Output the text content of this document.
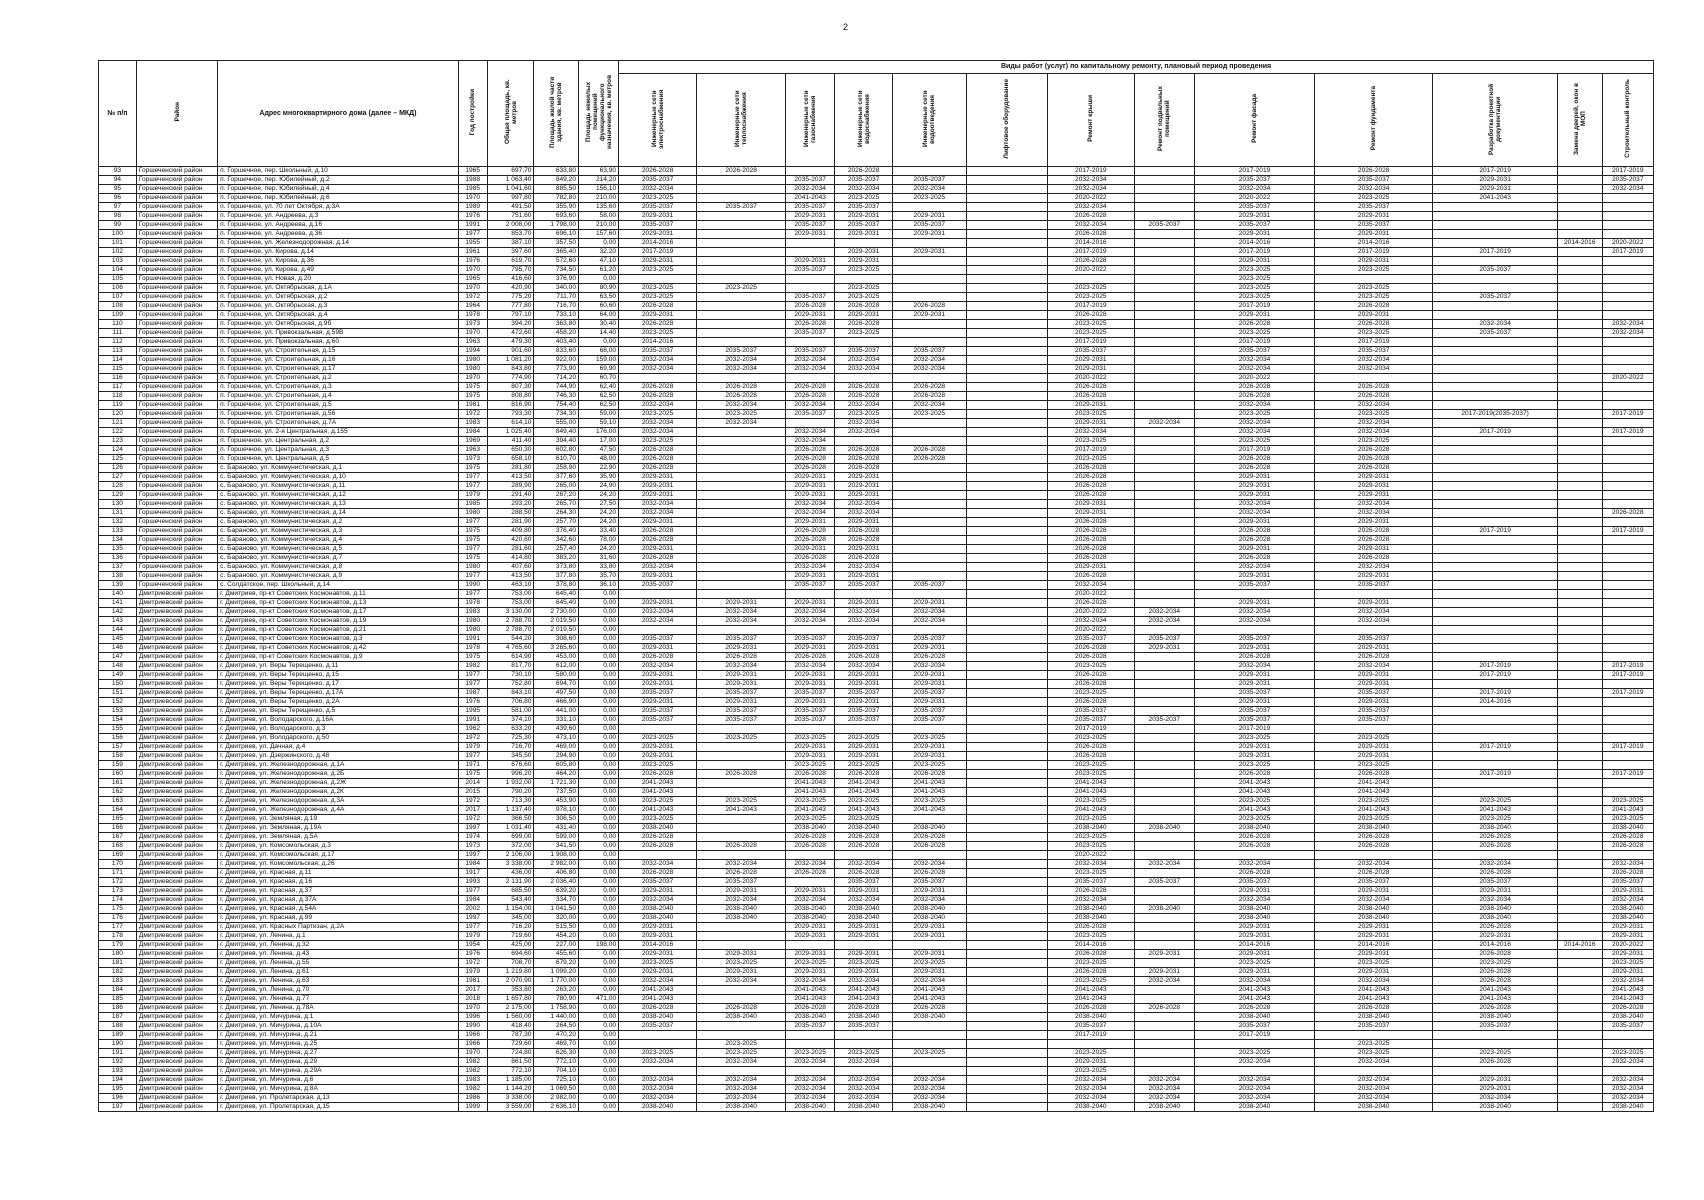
2
№ п/п	Район	Адрес многоквартирного дома (далее – МКД)	Год постройки	Общая площадь, кв. метров	Площадь жилой части здания, кв. метров	Площадь нежилых помещений функционального назначения, кв. метров	Виды работ (услуг) по капитальному ремонту, плановый период проведения												
							Инженерные сети электроснабжения	Инженерные сети теплоснабжения	Инженерные сети газоснабжения	Инженерные сети водоснабжения	Инженерные сети водоотведения	Лифтовое оборудование	Ремонт крыши	Ремонт подвальных помещений	Ремонт фасада	Ремонт фундамента	Разработка проектной документации	Замена дверей, окон в МОП	Строительный контроль
93	Горшеченский район	п. Горшечное, пер. Школьный, д.10	1965	697,70	633,80	63,90	2026-2028	2026-2028		2026-2028			2017-2019		2017-2019	2026-2028	2017-2019		2017-2019
94	Горшеченский район	п. Горшечное, пер. Юбилейный, д.2	1988	1 063,40	849,20	214,20	2035-2037		2035-2037	2035-2037	2035-2037		2032-2034		2035-2037	2035-2037	2029-2031		2035-2037
95	Горшеченский район	п. Горшечное, пер. Юбилейный, д.4	1985	1 041,60	885,50	156,10	2032-2034		2032-2034	2032-2034	2032-2034		2032-2034		2032-2034	2032-2034	2029-2031		2032-2034
96	Горшеченский район	п. Горшечное, пер. Юбилейный, д.6	1970	997,80	782,80	210,00	2023-2025		2041-2043	2023-2025	2023-2025		2020-2022		2020-2022	2023-2025	2041-2043		
97	Горшеченский район	п. Горшечное, ул. 70 лет Октября, д.3А	1989	491,50	355,90	135,60	2035-2037	2035-2037	2035-2037	2035-2037			2032-2034		2035-2037	2035-2037			
98	Горшеченский район	п. Горшечное, ул. Андреева, д.3	1976	751,60	693,60	58,00	2029-2031		2029-2031	2029-2031	2029-2031		2026-2028		2029-2031	2029-2031			
99	Горшеченский район	п. Горшечное, ул. Андреева, д.16	1991	2 008,00	1 798,00	210,00	2035-2037		2035-2037	2035-2037	2035-2037		2032-2034	2035-2037	2035-2037	2035-2037			
100	Горшеченский район	п. Горшечное, ул. Андреева, д.36	1977	853,70	696,10	157,60	2029-2031		2029-2031	2029-2031	2029-2031		2026-2028		2029-2031	2029-2031			
101	Горшеченский район	п. Горшечное, ул. Железнодорожная, д.14	1955	387,10	357,50	0,00	2014-2016						2014-2016		2014-2016	2014-2016		2014-2016	2020-2022
102	Горшеченский район	п. Горшечное, ул. Кирова, д.14	1961	397,60	365,40	32,20	2017-2019			2029-2031	2029-2031		2017-2019		2017-2019	2017-2019	2017-2019		2017-2019
103	Горшеченский район	п. Горшечное, ул. Кирова, д.36	1976	619,70	572,60	47,10	2029-2031		2029-2031	2029-2031			2026-2028		2029-2031	2029-2031			
104	Горшеченский район	п. Горшечное, ул. Кирова, д.49	1970	795,70	734,50	61,20	2023-2025		2035-2037	2023-2025			2020-2022		2023-2025	2023-2025	2035-2037		
105	Горшеченский район	п. Горшечное, ул. Новая, д.20	1965	416,60	376,90	0,00									2023-2025				
106	Горшеченский район	п. Горшечное, ул. Октябрьская, д.1А	1970	420,90	340,00	80,90	2023-2025	2023-2025		2023-2025			2023-2025		2023-2025	2023-2025			
107	Горшеченский район	п. Горшечное, ул. Октябрьская, д.2	1972	775,20	711,70	63,50	2023-2025		2035-2037	2023-2025			2023-2025		2023-2025	2023-2025	2035-2037		
108	Горшеченский район	п. Горшечное, ул. Октябрьская, д.3	1964	777,80	716,70	60,60	2026-2028		2026-2028	2026-2028	2026-2028		2017-2019		2017-2019	2026-2028			
109	Горшеченский район	п. Горшечное, ул. Октябрьская, д.4	1978	797,10	733,10	64,00	2029-2031		2029-2031	2029-2031	2029-2031		2026-2028		2029-2031	2029-2031			
110	Горшеченский район	п. Горшечное, ул. Октябрьская, д.9б	1973	394,20	363,80	30,40	2026-2028		2026-2028	2026-2028			2023-2025		2026-2028	2026-2028	2032-2034		2032-2034
111	Горшеченский район	п. Горшечное, ул. Привокзальная, д.59В	1970	472,60	458,20	14,40	2023-2025		2035-2037	2023-2025			2023-2025		2023-2025	2023-2025	2035-2037		2032-2034
112	Горшеченский район	п. Горшечное, ул. Привокзальная, д.60	1963	479,30	403,40	0,00	2014-2016						2017-2019		2017-2019	2017-2019			
113	Горшеченский район	п. Горшечное, ул. Строительная, д.15	1994	901,60	833,60	68,00	2035-2037	2035-2037	2035-2037	2035-2037	2035-2037		2035-2037		2035-2037	2035-2037			
114	Горшеченский район	п. Горшечное, ул. Строительная, д.16	1980	1 081,20	922,00	159,00	2032-2034	2032-2034	2032-2034	2032-2034	2032-2034		2029-2031		2032-2034	2032-2034			
115	Горшеченский район	п. Горшечное, ул. Строительная, д.17	1980	843,80	773,90	69,90	2032-2034	2032-2034	2032-2034	2032-2034	2032-2034		2029-2031		2032-2034	2032-2034			
116	Горшеченский район	п. Горшечное, ул. Строительная, д.2	1970	774,90	714,20	60,70							2020-2022		2020-2022				2020-2022
117	Горшеченский район	п. Горшечное, ул. Строительная, д.3	1975	807,30	744,90	62,40	2026-2028	2026-2028	2026-2028	2026-2028	2026-2028		2026-2028		2026-2028	2026-2028			
118	Горшеченский район	п. Горшечное, ул. Строительная, д.4	1975	808,80	746,30	62,50	2026-2028	2026-2028	2026-2028	2026-2028	2026-2028		2026-2028		2026-2028	2026-2028			
119	Горшеченский район	п. Горшечное, ул. Строительная, д.5	1981	816,90	754,40	62,50	2032-2034	2032-2034	2032-2034	2032-2034	2032-2034		2029-2031		2032-2034	2032-2034			
120	Горшеченский район	п. Горшечное, ул. Строительная, д.56	1972	793,30	734,30	59,00	2023-2025	2023-2025	2035-2037	2023-2025	2023-2025		2023-2025		2023-2025	2023-2025	2017-2019(2035-2037)		2017-2019
121	Горшеченский район	п. Горшечное, ул. Строительная, д.7А	1983	614,10	555,00	59,10	2032-2034	2032-2034		2032-2034			2029-2031	2032-2034	2032-2034	2032-2034			
122	Горшеченский район	п. Горшечное, ул. 2-я Центральная, д.155	1984	1 025,40	849,40	176,00	2032-2034		2032-2034	2032-2034			2032-2034		2032-2034	2032-2034	2017-2019		2017-2019
123	Горшеченский район	п. Горшечное, ул. Центральная, д.2	1969	411,40	394,40	17,00	2023-2025		2032-2034				2023-2025		2023-2025	2023-2025			
124	Горшеченский район	п. Горшечное, ул. Центральная, д.3	1963	650,30	602,80	47,50	2026-2028		2026-2028	2026-2028	2026-2028		2017-2019		2017-2019	2026-2028			
125	Горшеченский район	п. Горшечное, ул. Центральная, д.5	1973	658,10	610,70	48,00	2026-2028		2026-2028	2026-2028	2026-2028		2023-2025		2026-2028	2026-2028			
126	Горшеченский район	с. Бараново, ул. Коммунистическая, д.1	1975	281,80	258,90	22,90	2026-2028		2026-2028	2026-2028			2026-2028		2026-2028	2026-2028			
127	Горшеченский район	с. Бараново, ул. Коммунистическая, д.10	1977	413,50	377,60	35,90	2029-2031		2029-2031	2029-2031			2026-2028		2029-2031	2029-2031			
128	Горшеченский район	с. Бараново, ул. Коммунистическая, д.11	1977	289,90	265,00	24,90	2029-2031		2029-2031	2029-2031			2026-2028		2029-2031	2029-2031			
129	Горшеченский район	с. Бараново, ул. Коммунистическая, д.12	1979	291,40	267,20	24,20	2029-2031		2029-2031	2029-2031			2026-2028		2029-2031	2029-2031			
130	Горшеченский район	с. Бараново, ул. Коммунистическая, д.13	1985	293,20	265,70	27,50	2032-2034		2032-2034	2032-2034			2029-2031		2032-2034	2032-2034			
131	Горшеченский район	с. Бараново, ул. Коммунистическая, д.14	1980	288,50	264,30	24,20	2032-2034		2032-2034	2032-2034			2029-2031		2032-2034	2032-2034			2026-2028
132	Горшеченский район	с. Бараново, ул. Коммунистическая, д.2	1977	281,90	257,70	24,20	2029-2031		2029-2031	2029-2031			2026-2028		2029-2031	2029-2031			
133	Горшеченский район	с. Бараново, ул. Коммунистическая, д.3	1975	409,80	376,40	33,40	2026-2028		2026-2028	2026-2028			2026-2028		2026-2028	2026-2028	2017-2019		2017-2019
134	Горшеченский район	с. Бараново, ул. Коммунистическая, д.4	1975	420,60	342,60	78,00	2026-2028		2026-2028	2026-2028			2026-2028		2026-2028	2026-2028			
135	Горшеченский район	с. Бараново, ул. Коммунистическая, д.5	1977	281,60	257,40	24,20	2029-2031		2029-2031	2029-2031			2026-2028		2029-2031	2029-2031			
136	Горшеченский район	с. Бараново, ул. Коммунистическая, д.7	1975	414,80	383,20	31,60	2026-2028		2026-2028	2026-2028			2026-2028		2026-2028	2026-2028			
137	Горшеченский район	с. Бараново, ул. Коммунистическая, д.8	1980	407,60	373,80	33,80	2032-2034		2032-2034	2032-2034			2029-2031		2032-2034	2032-2034			
138	Горшеченский район	с. Бараново, ул. Коммунистическая, д.9	1977	413,50	377,80	35,70	2029-2031		2029-2031	2029-2031			2026-2028		2029-2031	2029-2031			
139	Горшеченский район	с. Солдатское, пер. Школьный, д.14	1990	463,10	378,80	36,10	2035-2037		2035-2037	2035-2037	2035-2037		2032-2034		2035-2037	2035-2037			
140	Дмитриевский район	г. Дмитриев, пр-кт Советских Космонавтов, д.11	1977	753,00	645,40	0,00							2020-2022						
141	Дмитриевский район	г. Дмитриев, пр-кт Советских Космонавтов, д.13	1978	753,00	645,40	0,00	2029-2031	2029-2031	2029-2031	2029-2031	2029-2031		2026-2028		2029-2031	2029-2031			
142	Дмитриевский район	г. Дмитриев, пр-кт Советских Космонавтов, д.17	1983	3 130,00	2 730,00	0,00	2032-2034	2032-2034	2032-2034	2032-2034	2032-2034		2020-2022	2032-2034	2032-2034	2032-2034			
143	Дмитриевский район	г. Дмитриев, пр-кт Советских Космонавтов, д.19	1980	2 788,70	2 019,50	0,00	2032-2034	2032-2034	2032-2034	2032-2034	2032-2034		2032-2034	2032-2034	2032-2034	2032-2034			
144	Дмитриевский район	г. Дмитриев, пр-кт Советских Космонавтов, д.21	1980	2 788,70	2 019,50	0,00							2020-2022						
145	Дмитриевский район	г. Дмитриев, пр-кт Советских Космонавтов, д.3	1991	544,20	308,60	0,00	2035-2037	2035-2037	2035-2037	2035-2037	2035-2037		2035-2037	2035-2037	2035-2037	2035-2037			
146	Дмитриевский район	г. Дмитриев, пр-кт Советских Космонавтов, д.42	1978	4 765,60	3 265,60	0,00	2029-2031	2029-2031	2029-2031	2029-2031	2029-2031		2026-2028	2029-2031	2029-2031	2029-2031			
147	Дмитриевский район	г. Дмитриев, пр-кт Советских Космонавтов, д.9	1975	614,90	453,00	0,00	2026-2028	2026-2028	2026-2028	2026-2028	2026-2028		2026-2028		2026-2028	2026-2028			
148	Дмитриевский район	г. Дмитриев, ул. Веры Терещенко, д.11	1982	817,70	612,00	0,00	2032-2034	2032-2034	2032-2034	2032-2034	2032-2034		2023-2025		2032-2034	2032-2034	2017-2019		2017-2019
149	Дмитриевский район	г. Дмитриев, ул. Веры Терещенко, д.15	1977	730,10	580,00	0,00	2029-2031	2029-2031	2029-2031	2029-2031	2029-2031		2026-2028		2029-2031	2029-2031	2017-2019		2017-2019
150	Дмитриевский район	г. Дмитриев, ул. Веры Терещенко, д.17	1977	752,80	694,70	0,00	2029-2031	2029-2031	2029-2031	2029-2031	2029-2031		2026-2028		2029-2031	2029-2031			
151	Дмитриевский район	г. Дмитриев, ул. Веры Терещенко, д.17А	1987	843,10	497,50	0,00	2035-2037	2035-2037	2035-2037	2035-2037	2035-2037		2023-2025		2035-2037	2035-2037	2017-2019		2017-2019
152	Дмитриевский район	г. Дмитриев, ул. Веры Терещенко, д.2А	1976	706,80	466,90	0,00	2029-2031	2029-2031	2029-2031	2029-2031	2029-2031		2026-2028		2029-2031	2029-2031	2014-2016		
153	Дмитриевский район	г. Дмитриев, ул. Веры Терещенко, д.5	1995	581,00	441,00	0,00	2035-2037	2035-2037	2035-2037	2035-2037	2035-2037		2035-2037		2035-2037	2035-2037			
154	Дмитриевский район	г. Дмитриев, ул. Володарского, д.16А	1991	374,10	331,10	0,00	2035-2037	2035-2037	2035-2037	2035-2037	2035-2037		2035-2037	2035-2037	2035-2037	2035-2037			
155	Дмитриевский район	г. Дмитриев, ул. Володарского, д.3	1962	633,20	439,60	0,00							2017-2019		2017-2019				
156	Дмитриевский район	г. Дмитриев, ул. Володарского, д.50	1972	725,30	473,10	0,00	2023-2025	2023-2025	2023-2025	2023-2025	2023-2025		2023-2025		2023-2025	2023-2025			
157	Дмитриевский район	г. Дмитриев, ул. Дачная, д.4	1979	716,70	469,00	0,00	2029-2031		2029-2031	2029-2031	2029-2031		2026-2028		2029-2031	2029-2031	2017-2019		2017-2019
158	Дмитриевский район	г. Дмитриев, ул. Дзержинского, д.48	1977	345,50	294,90	0,00	2029-2031		2029-2031	2029-2031	2029-2031		2026-2028		2029-2031	2029-2031			
159	Дмитриевский район	г. Дмитриев, ул. Железнодорожная, д.1А	1971	676,60	605,80	0,00	2023-2025		2023-2025	2023-2025	2023-2025		2023-2025		2023-2025	2023-2025			
160	Дмитриевский район	г. Дмитриев, ул. Железнодорожная, д.2Б	1975	996,20	464,20	0,00	2026-2028	2026-2028	2026-2028	2026-2028	2026-2028		2023-2025		2026-2028	2026-2028	2017-2019		2017-2019
161	Дмитриевский район	г. Дмитриев, ул. Железнодорожная, д.2Ж	2014	1 932,00	1 721,30	0,00	2041-2043		2041-2043	2041-2043	2041-2043		2041-2043		2041-2043	2041-2043			
162	Дмитриевский район	г. Дмитриев, ул. Железнодорожная, д.2К	2015	790,20	737,50	0,00	2041-2043		2041-2043	2041-2043	2041-2043		2041-2043		2041-2043	2041-2043			
163	Дмитриевский район	г. Дмитриев, ул. Железнодорожная, д.3А	1972	713,30	453,90	0,00	2023-2025	2023-2025	2023-2025	2023-2025	2023-2025		2023-2025		2023-2025	2023-2025	2023-2025		2023-2025
164	Дмитриевский район	г. Дмитриев, ул. Железнодорожная, д.4А	2017	1 137,40	978,10	0,00	2041-2043	2041-2043	2041-2043	2041-2043	2041-2043		2041-2043		2041-2043	2041-2043	2041-2043		2041-2043
165	Дмитриевский район	г. Дмитриев, ул. Земляная, д.19	1972	366,50	306,50	0,00	2023-2025		2023-2025	2023-2025			2023-2025		2023-2025	2023-2025	2023-2025		2023-2025
166	Дмитриевский район	г. Дмитриев, ул. Земляная, д.19А	1997	1 031,40	431,40	0,00	2038-2040		2038-2040	2038-2040	2038-2040		2038-2040	2038-2040	2038-2040	2038-2040	2038-2040		2038-2040
167	Дмитриевский район	г. Дмитриев, ул. Земляная, д.5А	1974	699,00	599,00	0,00	2026-2028		2026-2028	2026-2028	2026-2028		2023-2025		2026-2028	2026-2028	2026-2028		2026-2028
168	Дмитриевский район	г. Дмитриев, ул. Комсомольская, д.3	1973	372,00	341,50	0,00	2026-2028	2026-2028	2026-2028	2026-2028	2026-2028		2023-2025		2026-2028	2026-2028	2026-2028		2026-2028
169	Дмитриевский район	г. Дмитриев, ул. Комсомольская, д.17	1997	2 106,00	1 908,00	0,00							2020-2022						
170	Дмитриевский район	г. Дмитриев, ул. Комсомольская, д.26	1984	3 338,00	2 982,00	0,00	2032-2034	2032-2034	2032-2034	2032-2034	2032-2034		2032-2034	2032-2034	2032-2034	2032-2034	2032-2034		2032-2034
171	Дмитриевский район	г. Дмитриев, ул. Красная, д.11	1917	436,00	406,80	0,00	2026-2028	2026-2028	2026-2028	2026-2028	2026-2028		2023-2025		2026-2028	2026-2028	2026-2028		2026-2028
172	Дмитриевский район	г. Дмитриев, ул. Красная, д.16	1993	2 131,90	2 036,40	0,00	2035-2037	2035-2037		2035-2037	2035-2037		2035-2037	2035-2037	2035-2037	2035-2037	2035-2037		2035-2037
173	Дмитриевский район	г. Дмитриев, ул. Красная, д.37	1977	685,50	639,20	0,00	2029-2031	2029-2031	2029-2031	2029-2031	2029-2031		2026-2028		2029-2031	2029-2031	2029-2031		2029-2031
174	Дмитриевский район	г. Дмитриев, ул. Красная, д.37А	1984	543,40	334,70	0,00	2032-2034	2032-2034	2032-2034	2032-2034	2032-2034		2032-2034		2032-2034	2032-2034	2032-2034		2032-2034
175	Дмитриевский район	г. Дмитриев, ул. Красная, д.54А	2002	1 154,00	1 041,50	0,00	2038-2040	2038-2040	2038-2040	2038-2040	2038-2040		2038-2040	2038-2040	2038-2040	2038-2040	2038-2040		2038-2040
176	Дмитриевский район	г. Дмитриев, ул. Красная, д.99	1997	345,00	320,00	0,00	2038-2040	2038-2040	2038-2040	2038-2040	2038-2040		2038-2040		2038-2040	2038-2040	2038-2040		2038-2040
177	Дмитриевский район	г. Дмитриев, ул. Красных Партизан, д.2А	1977	716,20	515,50	0,00	2029-2031		2029-2031	2029-2031	2029-2031		2026-2028		2029-2031	2029-2031	2026-2028		2029-2031
178	Дмитриевский район	г. Дмитриев, ул. Ленина, д.1	1979	719,60	454,20	0,00	2029-2031		2029-2031	2029-2031	2029-2031		2023-2025		2029-2031	2029-2031	2029-2031		2029-2031
179	Дмитриевский район	г. Дмитриев, ул. Ленина, д.32	1954	425,00	227,00	198,00	2014-2016						2014-2016		2014-2016	2014-2016	2014-2016	2014-2016	2020-2022
180	Дмитриевский район	г. Дмитриев, ул. Ленина, д.43	1976	694,60	455,60	0,00	2029-2031	2029-2031	2029-2031	2029-2031	2029-2031		2026-2028	2029-2031	2029-2031	2029-2031	2026-2028		2029-2031
181	Дмитриевский район	г. Дмитриев, ул. Ленина, д.55	1972	708,70	679,20	0,00	2023-2025	2023-2025	2023-2025	2023-2025	2023-2025		2023-2025		2023-2025	2023-2025	2023-2025		2023-2025
182	Дмитриевский район	г. Дмитриев, ул. Ленина, д.61	1979	1 219,80	1 099,20	0,00	2029-2031	2029-2031	2029-2031	2029-2031	2029-2031		2026-2028	2029-2031	2029-2031	2029-2031	2026-2028		2029-2031
183	Дмитриевский район	г. Дмитриев, ул. Ленина, д.63	1981	2 070,90	1 770,00	0,00	2032-2034	2032-2034	2032-2034	2032-2034	2032-2034		2023-2025	2032-2034	2032-2034	2032-2034	2026-2028		2032-2034
184	Дмитриевский район	г. Дмитриев, ул. Ленина, д.70	2017	353,80	263,20	0,00	2041-2043		2041-2043	2041-2043	2041-2043		2041-2043		2041-2043	2041-2043	2041-2043		2041-2043
185	Дмитриевский район	г. Дмитриев, ул. Ленина, д.77	2018	1 657,80	780,90	471,00	2041-2043		2041-2043	2041-2043	2041-2043		2041-2043		2041-2043	2041-2043	2041-2043		2041-2043
186	Дмитриевский район	г. Дмитриев, ул. Ленина, д.78А	1970	2 175,00	1 758,90	0,00	2026-2028	2026-2028	2026-2028	2026-2028	2026-2028		2026-2028	2026-2028	2026-2028	2026-2028	2026-2028		2026-2028
187	Дмитриевский район	г. Дмитриев, ул. Мичурина, д.1	1996	1 560,00	1 440,00	0,00	2038-2040	2038-2040	2038-2040	2038-2040	2038-2040		2038-2040		2038-2040	2038-2040	2038-2040		2038-2040
188	Дмитриевский район	г. Дмитриев, ул. Мичурина, д.10А	1990	418,40	264,50	0,00	2035-2037		2035-2037	2035-2037			2035-2037		2035-2037	2035-2037	2035-2037		2035-2037
189	Дмитриевский район	г. Дмитриев, ул. Мичурина, д.21	1966	787,30	470,20	0,00							2017-2019		2017-2019				
190	Дмитриевский район	г. Дмитриев, ул. Мичурина, д.25	1966	729,60	469,70	0,00		2023-2025								2023-2025			
191	Дмитриевский район	г. Дмитриев, ул. Мичурина, д.27	1970	724,80	626,30	0,00	2023-2025	2023-2025	2023-2025	2023-2025	2023-2025		2023-2025		2023-2025	2023-2025	2023-2025		2023-2025
192	Дмитриевский район	г. Дмитриев, ул. Мичурина, д.29	1982	861,50	772,10	0,00	2032-2034	2032-2034	2032-2034	2032-2034			2029-2031		2032-2034	2032-2034	2026-2028		2032-2034
193	Дмитриевский район	г. Дмитриев, ул. Мичурина, д.29А	1982	772,10	704,10	0,00							2023-2025						
194	Дмитриевский район	г. Дмитриев, ул. Мичурина, д.6	1983	1 185,00	725,10	0,00	2032-2034	2032-2034	2032-2034	2032-2034	2032-2034		2032-2034	2032-2034	2032-2034	2032-2034	2029-2031		2032-2034
195	Дмитриевский район	г. Дмитриев, ул. Мичурина, д.8А	1982	1 144,20	1 069,50	0,00	2032-2034	2032-2034	2032-2034	2032-2034	2032-2034		2032-2034	2032-2034	2032-2034	2032-2034	2029-2031		2032-2034
196	Дмитриевский район	г. Дмитриев, ул. Пролетарская, д.13	1986	3 338,00	2 982,00	0,00	2032-2034	2032-2034	2032-2034	2032-2034	2032-2034		2032-2034	2032-2034	2032-2034	2032-2034	2032-2034		2032-2034
197	Дмитриевский район	г. Дмитриев, ул. Пролетарская, д.15	1999	3 559,00	2 636,10	0,00	2038-2040	2038-2040	2038-2040	2038-2040	2038-2040		2038-2040	2038-2040	2038-2040	2038-2040	2038-2040		2038-2040
